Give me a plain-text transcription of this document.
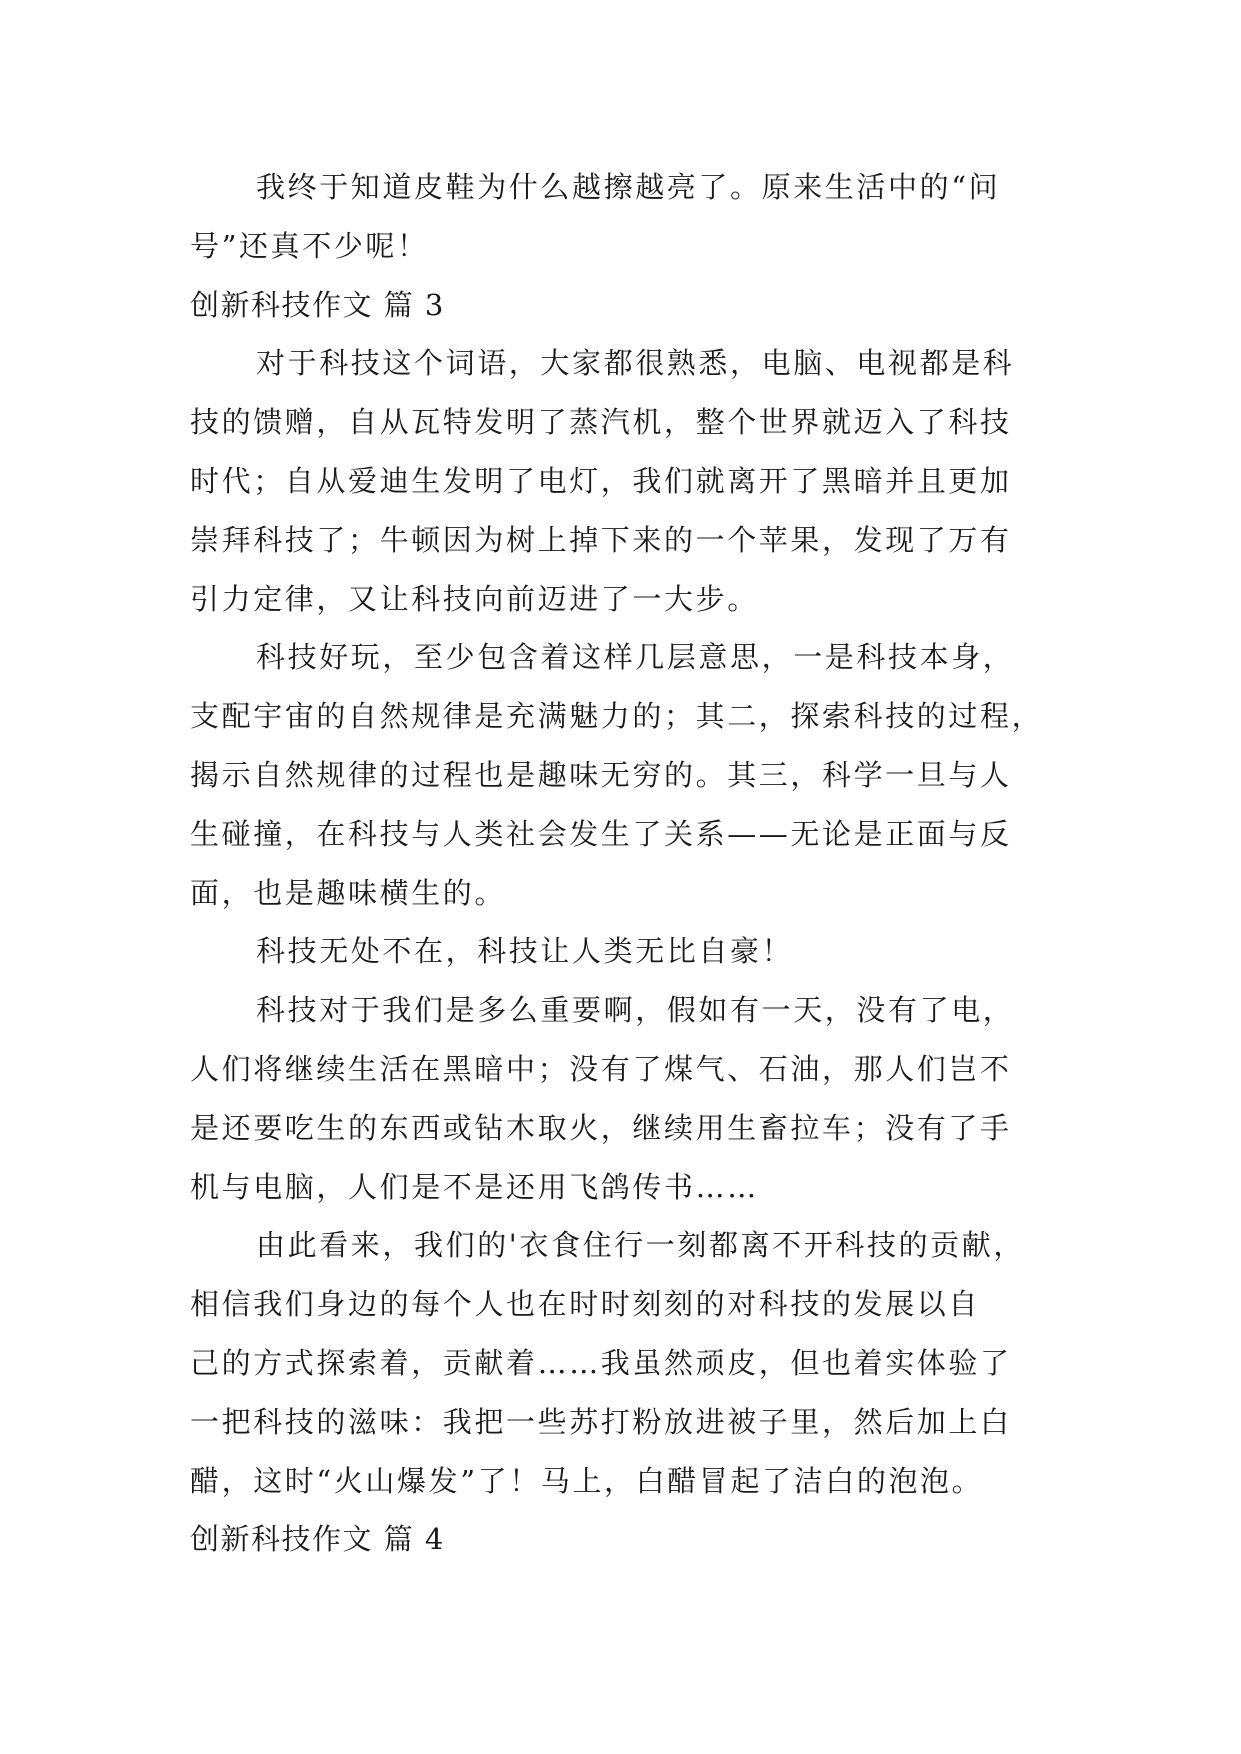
我终于知道皮鞋为什么越擦越亮了。原来生活中的“问
号”还真不少呢！
创新科技作文 篇 3
对于科技这个词语，大家都很熟悉，电脑、电视都是科
技的馈赠，自从瓦特发明了蒸汽机，整个世界就迈入了科技
时代；自从爱迪生发明了电灯，我们就离开了黑暗并且更加
崇拜科技了；牛顿因为树上掉下来的一个苹果，发现了万有
引力定律，又让科技向前迈进了一大步。
科技好玩，至少包含着这样几层意思，一是科技本身，
支配宇宙的自然规律是充满魅力的；其二，探索科技的过程，
揭示自然规律的过程也是趣味无穷的。其三，科学一旦与人
生碰撞，在科技与人类社会发生了关系——无论是正面与反
面，也是趣味横生的。
科技无处不在，科技让人类无比自豪！
科技对于我们是多么重要啊，假如有一天，没有了电，
人们将继续生活在黑暗中；没有了煤气、石油，那人们岂不
是还要吃生的东西或钻木取火，继续用生畜拉车；没有了手
机与电脑，人们是不是还用飞鸽传书……
由此看来，我们的'衣食住行一刻都离不开科技的贡献，
相信我们身边的每个人也在时时刻刻的对科技的发展以自
己的方式探索着，贡献着……我虽然顽皮，但也着实体验了
一把科技的滋味：我把一些苏打粉放进被子里，然后加上白
醋，这时“火山爆发”了！马上，白醋冒起了洁白的泡泡。
创新科技作文 篇 4
